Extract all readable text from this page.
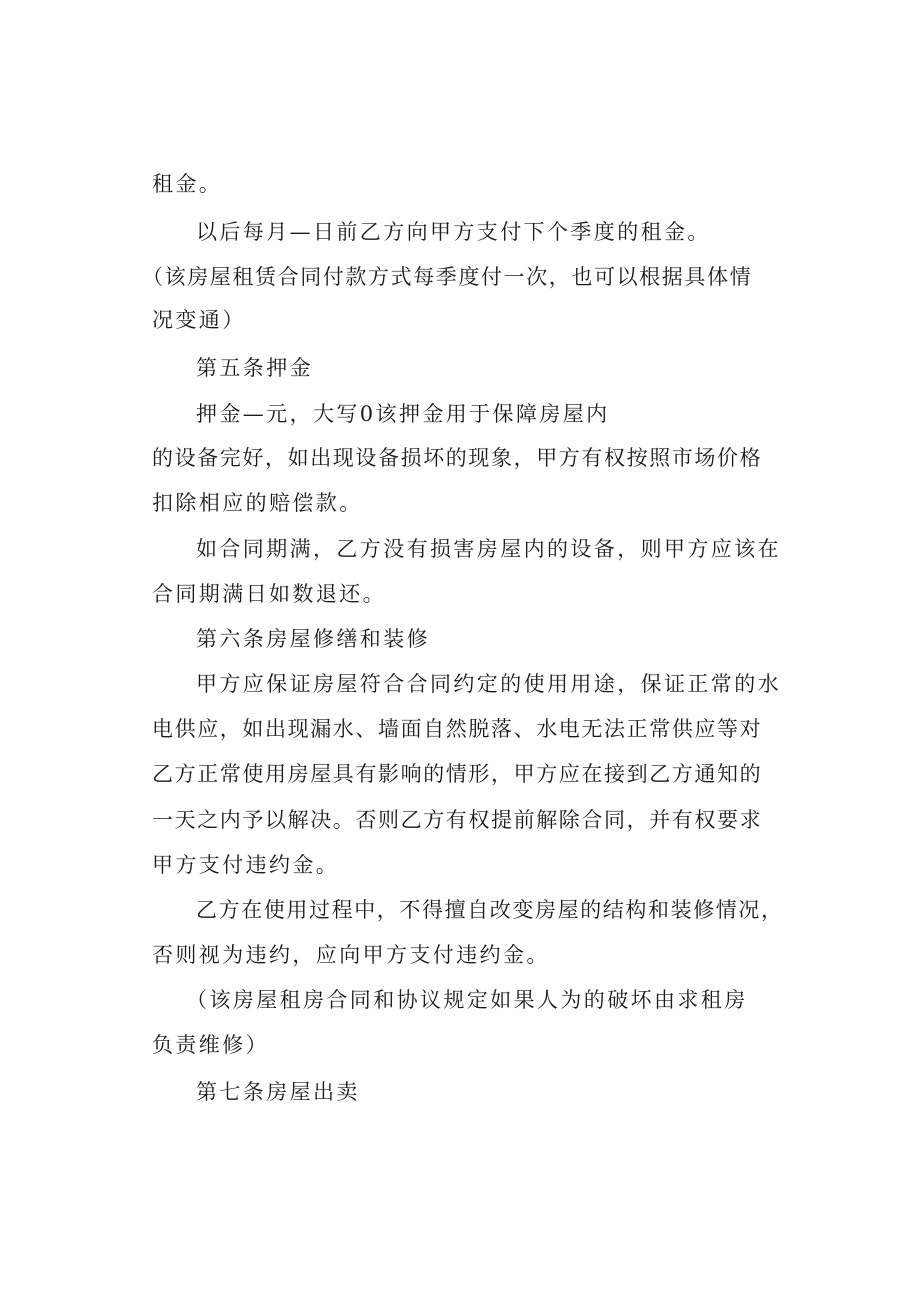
租金。
以后每月—日前乙方向甲方支付下个季度的租金。
（该房屋租赁合同付款方式每季度付一次，也可以根据具体情
况变通）
第五条押金
押金—元，大写0该押金用于保障房屋内
的设备完好，如出现设备损坏的现象，甲方有权按照市场价格
扣除相应的赔偿款。
如合同期满，乙方没有损害房屋内的设备，则甲方应该在
合同期满日如数退还。
第六条房屋修缮和装修
甲方应保证房屋符合合同约定的使用用途，保证正常的水
电供应，如出现漏水、墙面自然脱落、水电无法正常供应等对
乙方正常使用房屋具有影响的情形，甲方应在接到乙方通知的
一天之内予以解决。否则乙方有权提前解除合同，并有权要求
甲方支付违约金。
乙方在使用过程中，不得擅自改变房屋的结构和装修情况，
否则视为违约，应向甲方支付违约金。
（该房屋租房合同和协议规定如果人为的破坏由求租房
负责维修）
第七条房屋出卖
